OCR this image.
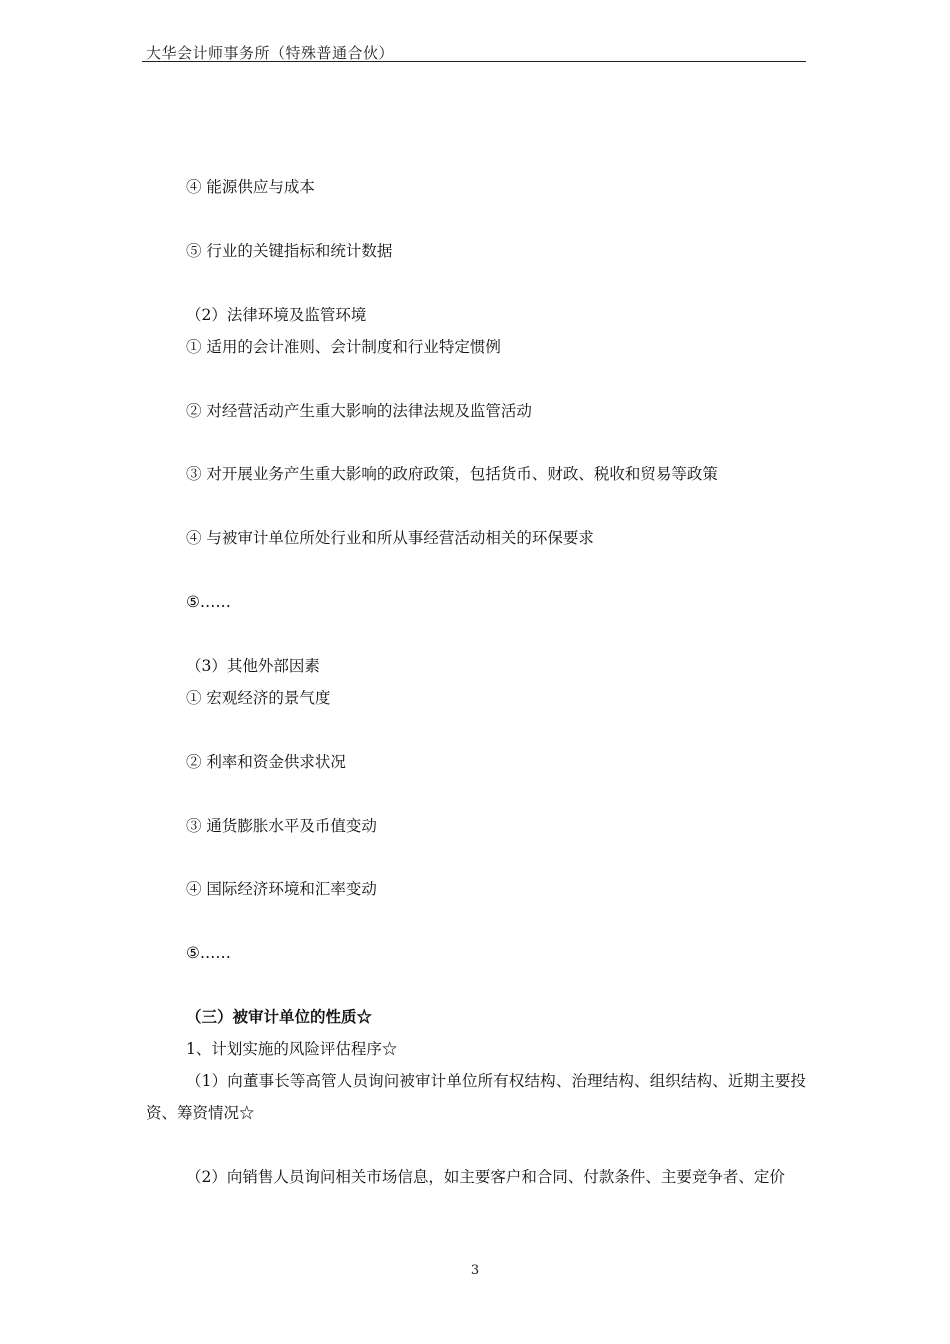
大华会计师事务所（特殊普通合伙）
④ 能源供应与成本
⑤ 行业的关键指标和统计数据
（2）法律环境及监管环境
① 适用的会计准则、会计制度和行业特定惯例
② 对经营活动产生重大影响的法律法规及监管活动
③ 对开展业务产生重大影响的政府政策，包括货币、财政、税收和贸易等政策
④ 与被审计单位所处行业和所从事经营活动相关的环保要求
⑤……
（3）其他外部因素
① 宏观经济的景气度
② 利率和资金供求状况
③ 通货膨胀水平及币值变动
④ 国际经济环境和汇率变动
⑤……
（三）被审计单位的性质☆
1、计划实施的风险评估程序☆
（1）向董事长等高管人员询问被审计单位所有权结构、治理结构、组织结构、近期主要投资、筹资情况☆
（2）向销售人员询问相关市场信息，如主要客户和合同、付款条件、主要竞争者、定价
3
